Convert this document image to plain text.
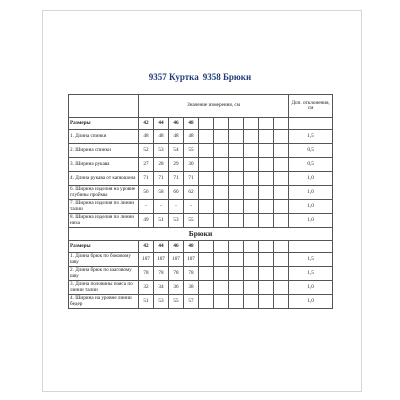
9357 Куртка 9358 Брюки
	Значение измерения, см										Доп. отклонения, см
Размеры	42	44	46	48							
1. Длина спинки	48	48	48	48							1,5
2. Ширина спинки	52	53	54	55							0,5
3. Ширина рукава	27	28	29	30							0,5
4. Длина рукава от капюшона	71	71	71	71							1,0
6. Ширина изделия на уровне глубины проймы	56	58	60	62							1,0
7. Ширина изделия по линии талии	-	-	-	-							1,0
8. Ширина изделия по линии низа	49	51	53	55							1,0
Брюки											
Размеры	42	44	46	48							
1. Длина брюк по боковому шву	107	107	107	107							1,5
2. Длина брюк по шаговому шву	78	78	78	78							1,5
3. Длина половины пояса по линии талии	32	34	36	38							1,0
4. Ширина на уровне линии бедер	51	53	55	57							1,0
